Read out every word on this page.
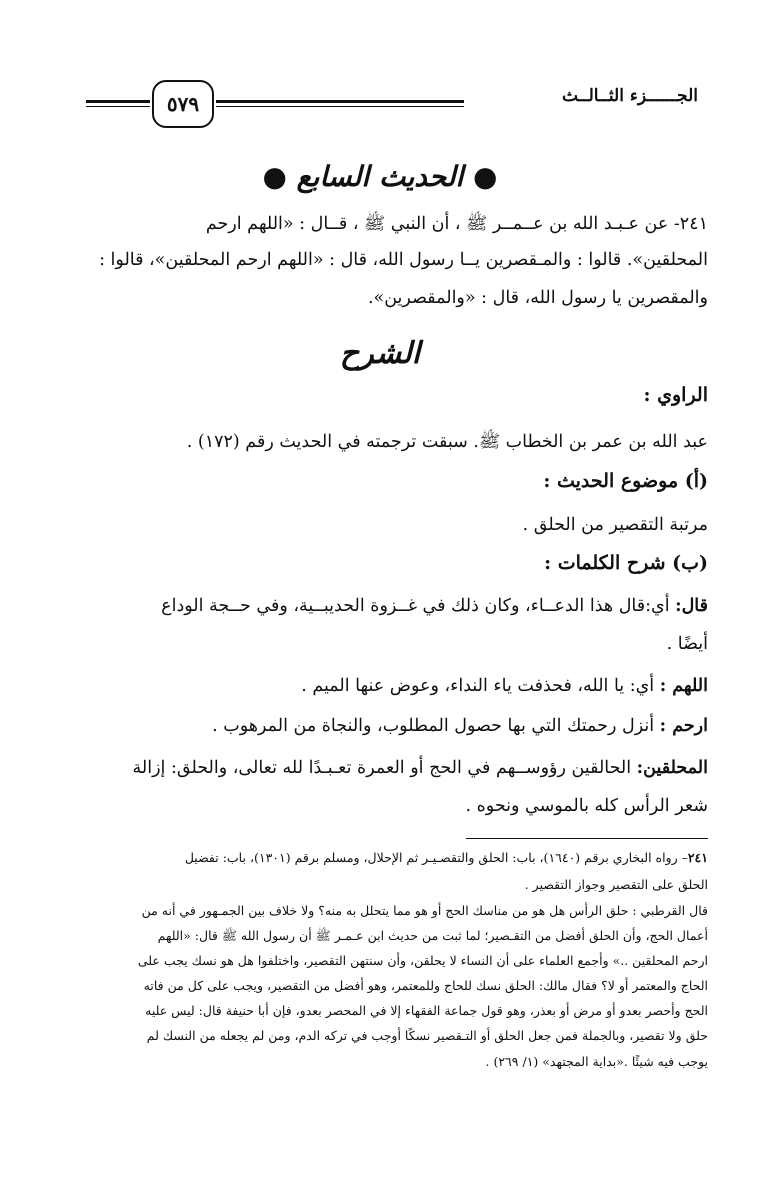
الجــــــزء الثــالــث
٥٧٩
● الحديث السابع ●
٢٤١- عن عـبـد الله بن عــمــر ﷺ ، أن النبي ﷺ ، قــال : «اللهم ارحم
المحلقين». قالوا : والمـقصرين يــا رسول الله، قال : «اللهم ارحم المحلقين»، قالوا :
والمقصرين يا رسول الله، قال : «والمقصرين».
الشرح
الراوي :
عبد الله بن عمر بن الخطاب ﷺ. سبقت ترجمته في الحديث رقم (١٧٢) .
(أ) موضوع الحديث :
مرتبة التقصير من الحلق .
(ب) شرح الكلمات :
قال: أي:قال هذا الدعــاء، وكان ذلك في غــزوة الحديبــية، وفي حــجة الوداع
أيضًا .
اللهم : أي: يا الله، فحذفت ياء النداء، وعوض عنها الميم .
ارحم : أنزل رحمتك التي بها حصول المطلوب، والنجاة من المرهوب .
المحلقين: الحالقين رؤوســهم في الحج أو العمرة تعـبـدًا لله تعالى، والحلق: إزالة
شعر الرأس كله بالموسي ونحوه .
٢٤١– رواه البخاري برقم (١٦٤٠)، باب: الحلق والتقصـيـر ثم الإحلال، ومسلم برقم (١٣٠١)، باب: تفضيل
الحلق على التقصير وجواز التقصير .
قال القرطبي : حلق الرأس هل هو من مناسك الحج أو هو مما يتحلل به منه؟ ولا خلاف بين الجمـهور في أنه من
أعمال الحج، وأن الحلق أفضل من التقـصير؛ لما ثبت من حديث ابن عـمـر ﷺ أن رسول الله ﷺ قال: «اللهم
ارحم المحلقين ..» وأجمع العلماء على أن النساء لا يحلقن، وأن سنتهن التقصير، واختلفوا هل هو نسك يجب على
الحاج والمعتمر أو لا؟ فقال مالك: الحلق نسك للحاج وللمعتمر، وهو أفضل من التقصير، ويجب على كل من فاته
الحج وأحصر بعدو أو مرض أو بعذر، وهو قول جماعة الفقهاء إلا في المحصر بعدو، فإن أبا حنيفة قال: ليس عليه
حلق ولا تقصير، وبالجملة فمن جعل الحلق أو التـقصير نسكًا أوجب في تركه الدم، ومن لم يجعله من النسك لم
يوجب فيه شيئًا .«بداية المجتهد» (١/ ٢٦٩) .
